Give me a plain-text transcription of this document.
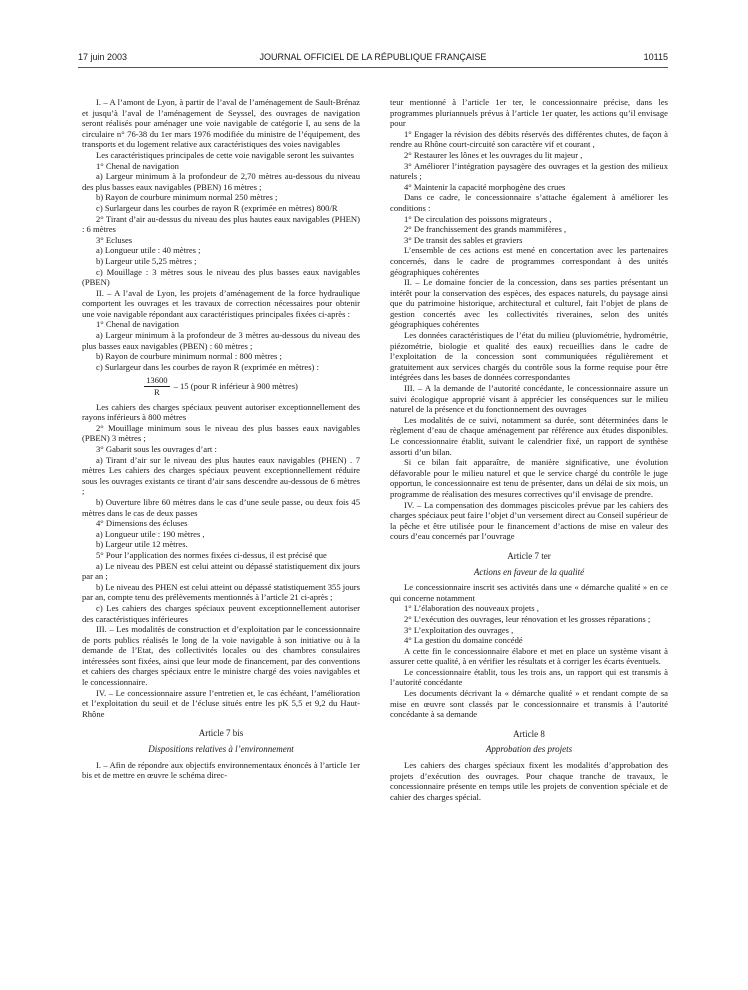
17 juin 2003	JOURNAL OFFICIEL DE LA RÉPUBLIQUE FRANÇAISE	10115

I. – A l’amont de Lyon, à partir de l’aval de l’aménagement de Sault-Brénaz et jusqu’à l’aval de l’aménagement de Seyssel, des ouvrages de navigation seront réalisés pour aménager une voie navigable de catégorie I, au sens de la circulaire n° 76-38 du 1er mars 1976 modifiée du ministre de l’équipement, des transports et du logement relative aux caractéristiques des voies navigables

Les caractéristiques principales de cette voie navigable seront les suivantes

1° Chenal de navigation

a) Largeur minimum à la profondeur de 2,70 mètres au-dessous du niveau des plus basses eaux navigables (PBEN) 16 mètres ;

b) Rayon de courbure minimum normal 250 mètres ;

c) Surlargeur dans les courbes de rayon R (exprimée en mètres) 800/R

2° Tirant d’air au-dessus du niveau des plus hautes eaux navigables (PHEN) : 6 mètres

3° Ecluses

a) Longueur utile : 40 mètres ;

b) Largeur utile 5,25 mètres ;

c) Mouillage : 3 mètres sous le niveau des plus basses eaux navigables (PBEN)

II. – A l’aval de Lyon, les projets d’aménagement de la force hydraulique comportent les ouvrages et les travaux de correction nécessaires pour obtenir une voie navigable répondant aux caractéristiques principales fixées ci-après :

1° Chenal de navigation

a) Largeur minimum à la profondeur de 3 mètres au-dessous du niveau des plus basses eaux navigables (PBEN) : 60 mètres ;

b) Rayon de courbure minimum normal : 800 mètres ;

c) Surlargeur dans les courbes de rayon R (exprimée en mètres) :

$\frac{13600}{R} - 15$ (pour R inférieur à 900 mètres)

Les cahiers des charges spéciaux peuvent autoriser exceptionnellement des rayons inférieurs à 800 mètres

2° Mouillage minimum sous le niveau des plus basses eaux navigables (PBEN) 3 mètres ;

3° Gabarit sous les ouvrages d’art :

a) Tirant d’air sur le niveau des plus hautes eaux navigables (PHEN) . 7 mètres Les cahiers des charges spéciaux peuvent exceptionnellement réduire sous les ouvrages existants ce tirant d’air sans descendre au-dessous de 6 mètres ;

b) Ouverture libre 60 mètres dans le cas d’une seule passe, ou deux fois 45 mètres dans le cas de deux passes

4° Dimensions des écluses

a) Longueur utile : 190 mètres ,

b) Largeur utile 12 mètres.

5° Pour l’application des normes fixées ci-dessus, il est précisé que

a) Le niveau des PBEN est celui atteint ou dépassé statistiquement dix jours par an ;

b) Le niveau des PHEN est celui atteint ou dépassé statistiquement 355 jours par an, compte tenu des prélèvements mentionnés à l’article 21 ci-après ;

c) Les cahiers des charges spéciaux peuvent exceptionnellement autoriser des caractéristiques inférieures

III. – Les modalités de construction et d’exploitation par le concessionnaire de ports publics réalisés le long de la voie navigable à son initiative ou à la demande de l’Etat, des collectivités locales ou des chambres consulaires intéressées sont fixées, ainsi que leur mode de financement, par des conventions et cahiers des charges spéciaux entre le ministre chargé des voies navigables et le concessionnaire.

IV. – Le concessionnaire assure l’entretien et, le cas échéant, l’amélioration et l’exploitation du seuil et de l’écluse situés entre les pK 5,5 et 9,2 du Haut-Rhône

Article 7 bis

Dispositions relatives à l’environnement

I. – Afin de répondre aux objectifs environnementaux énoncés à l’article 1er bis et de mettre en œuvre le schéma direc-

teur mentionné à l’article 1er ter, le concessionnaire précise, dans les programmes pluriannuels prévus à l’article 1er quater, les actions qu’il envisage pour

1° Engager la révision des débits réservés des différentes chutes, de façon à rendre au Rhône court-circuité son caractère vif et courant ,

2° Restaurer les lônes et les ouvrages du lit majeur ,

3° Améliorer l’intégration paysagère des ouvrages et la gestion des milieux naturels ;

4° Maintenir la capacité morphogène des crues

Dans ce cadre, le concessionnaire s’attache également à améliorer les conditions :

1° De circulation des poissons migrateurs ,

2° De franchissement des grands mammifères ,

3° De transit des sables et graviers

L’ensemble de ces actions est mené en concertation avec les partenaires concernés, dans le cadre de programmes correspondant à des unités géographiques cohérentes

II. – Le domaine foncier de la concession, dans ses parties présentant un intérêt pour la conservation des espèces, des espaces naturels, du paysage ainsi que du patrimoine historique, architectural et culturel, fait l’objet de plans de gestion concertés avec les collectivités riveraines, selon des unités géographiques cohérentes

Les données caractéristiques de l’état du milieu (pluviométrie, hydrométrie, piézométrie, biologie et qualité des eaux) recueillies dans le cadre de l’exploitation de la concession sont communiquées régulièrement et gratuitement aux services chargés du contrôle sous la forme requise pour être intégrées dans les bases de données correspondantes

III. – A la demande de l’autorité concédante, le concessionnaire assure un suivi écologique approprié visant à apprécier les conséquences sur le milieu naturel de la présence et du fonctionnement des ouvrages

Les modalités de ce suivi, notamment sa durée, sont déterminées dans le règlement d’eau de chaque aménagement par référence aux études disponibles. Le concessionnaire établit, suivant le calendrier fixé, un rapport de synthèse assorti d’un bilan.

Si ce bilan fait apparaître, de manière significative, une évolution défavorable pour le milieu naturel et que le service chargé du contrôle le juge opportun, le concessionnaire est tenu de présenter, dans un délai de six mois, un programme de réalisation des mesures correctives qu’il envisage de prendre.

IV. – La compensation des dommages piscicoles prévue par les cahiers des charges spéciaux peut faire l’objet d’un versement direct au Conseil supérieur de la pêche et être utilisée pour le financement d’actions de mise en valeur des cours d’eau concernés par l’ouvrage

Article 7 ter

Actions en faveur de la qualité

Le concessionnaire inscrit ses activités dans une « démarche qualité » en ce qui concerne notamment

1° L’élaboration des nouveaux projets ,

2° L’exécution des ouvrages, leur rénovation et les grosses réparations ;

3° L’exploitation des ouvrages ,

4° La gestion du domaine concédé

A cette fin le concessionnaire élabore et met en place un système visant à assurer cette qualité, à en vérifier les résultats et à corriger les écarts éventuels.

Le concessionnaire établit, tous les trois ans, un rapport qui est transmis à l’autorité concédante

Les documents décrivant la « démarche qualité » et rendant compte de sa mise en œuvre sont classés par le concessionnaire et transmis à l’autorité concédante à sa demande

Article 8

Approbation des projets

Les cahiers des charges spéciaux fixent les modalités d’approbation des projets d’exécution des ouvrages. Pour chaque tranche de travaux, le concessionnaire présente en temps utile les projets de convention spéciale et de cahier des charges spécial.
